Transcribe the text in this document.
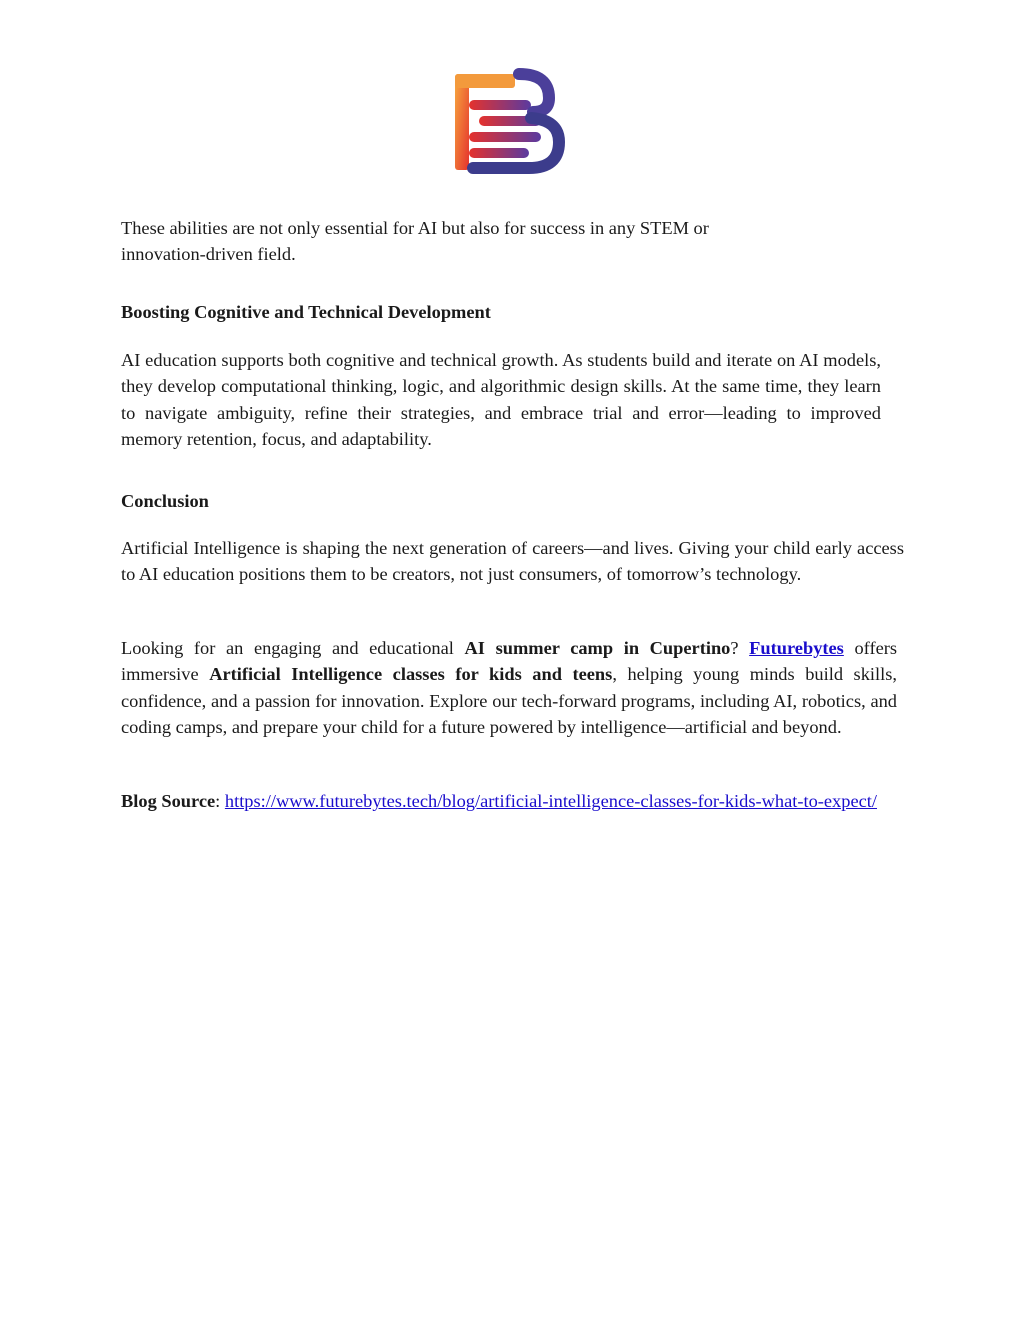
These abilities are not only essential for AI but also for success in any STEM or
innovation-driven field.

Boosting Cognitive and Technical Development

AI education supports both cognitive and technical growth. As students build and iterate on AI models, they develop computational thinking, logic, and algorithmic design skills. At the same time, they learn to navigate ambiguity, refine their strategies, and embrace trial and error—leading to improved memory retention, focus, and adaptability.

Conclusion

Artificial Intelligence is shaping the next generation of careers—and lives. Giving your child early access to AI education positions them to be creators, not just consumers, of tomorrow’s technology.

Looking for an engaging and educational AI summer camp in Cupertino? Futurebytes offers immersive Artificial Intelligence classes for kids and teens, helping young minds build skills, confidence, and a passion for innovation. Explore our tech-forward programs, including AI, robotics, and coding camps, and prepare your child for a future powered by intelligence—artificial and beyond.

Blog Source: https://www.futurebytes.tech/blog/artificial-intelligence-classes-for-kids-what-to-expect/
